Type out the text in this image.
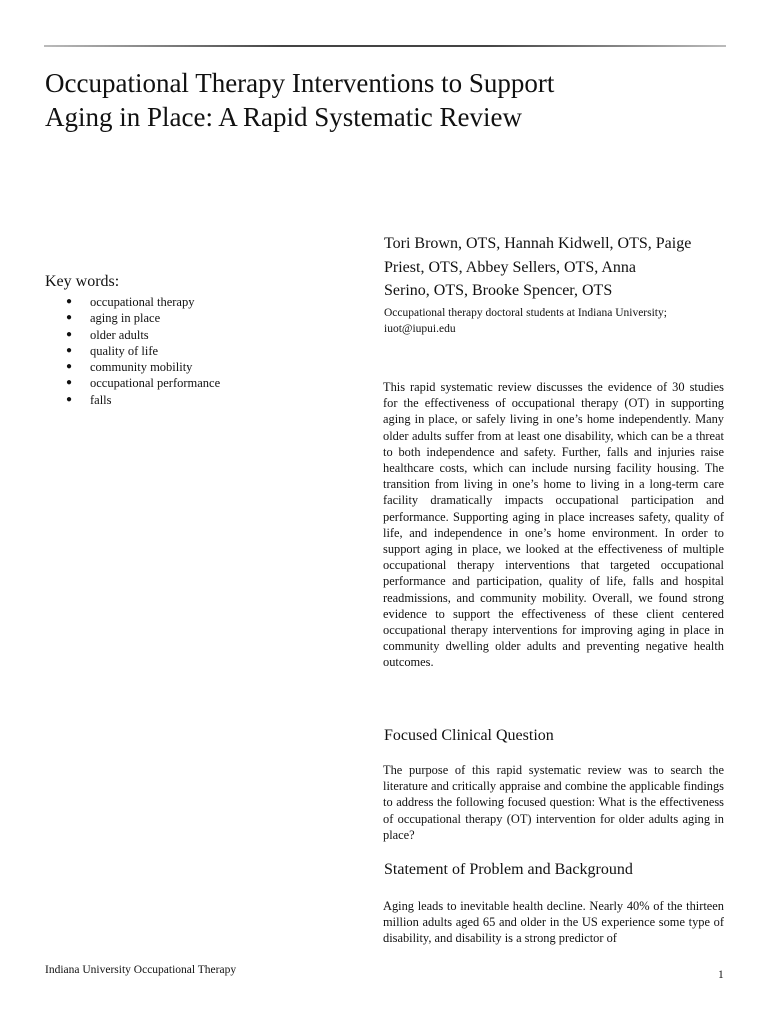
Occupational Therapy Interventions to Support
Aging in Place: A Rapid Systematic Review
Key words:
● occupational therapy
● aging in place
● older adults
● quality of life
● community mobility
● occupational performance
● falls
Tori Brown, OTS, Hannah Kidwell, OTS, Paige
Priest, OTS, Abbey Sellers, OTS, Anna
Serino, OTS, Brooke Spencer, OTS
Occupational therapy doctoral students at Indiana University;
iuot@iupui.edu

This rapid systematic review discusses the evidence of 30 studies for the effectiveness of occupational therapy (OT) in supporting aging in place, or safely living in one’s home independently. Many older adults suffer from at least one disability, which can be a threat to both independence and safety. Further, falls and injuries raise healthcare costs, which can include nursing facility housing. The transition from living in one’s home to living in a long-term care facility dramatically impacts occupational participation and performance. Supporting aging in place increases safety, quality of life, and independence in one’s home environment. In order to support aging in place, we looked at the effectiveness of multiple occupational therapy interventions that targeted occupational performance and participation, quality of life, falls and hospital readmissions, and community mobility. Overall, we found strong evidence to support the effectiveness of these client centered occupational therapy interventions for improving aging in place in community dwelling older adults and preventing negative health outcomes.

Focused Clinical Question

The purpose of this rapid systematic review was to search the literature and critically appraise and combine the applicable findings to address the following focused question: What is the effectiveness of occupational therapy (OT) intervention for older adults aging in place?

Statement of Problem and Background

Aging leads to inevitable health decline. Nearly 40% of the thirteen million adults aged 65 and older in the US experience some type of disability, and disability is a strong predictor of

Indiana University Occupational Therapy	1
